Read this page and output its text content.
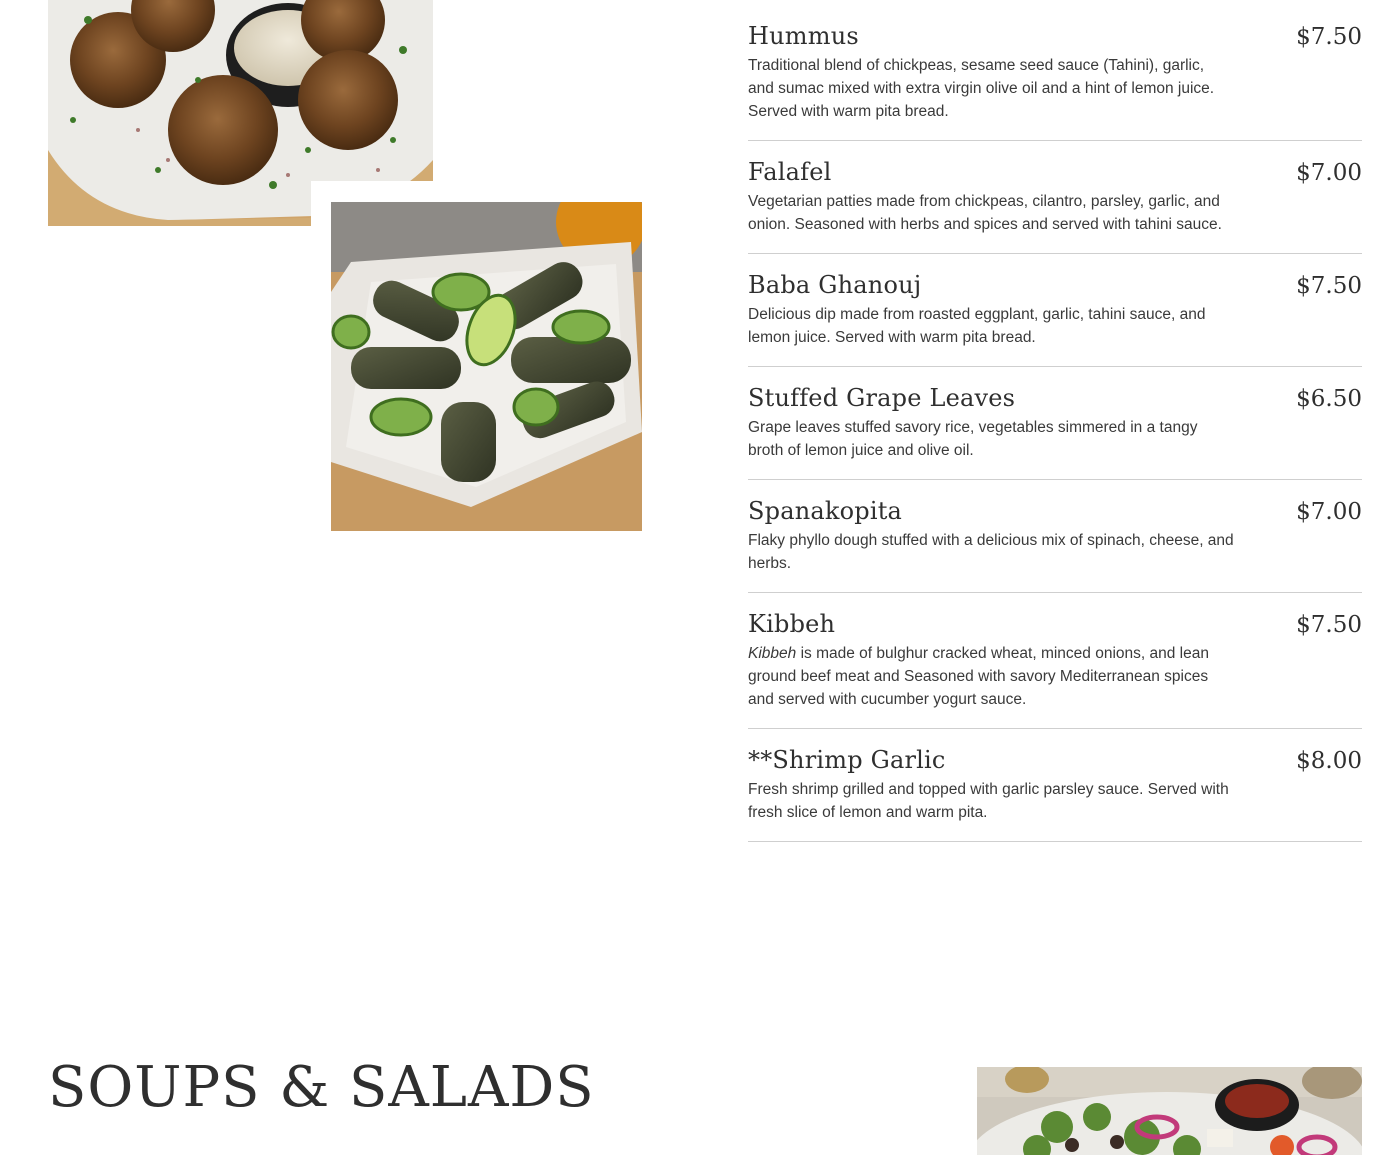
Hummus	$7.50
Traditional blend of chickpeas, sesame seed sauce (Tahini), garlic, and sumac mixed with extra virgin olive oil and a hint of lemon juice. Served with warm pita bread.
Falafel	$7.00
Vegetarian patties made from chickpeas, cilantro, parsley, garlic, and onion. Seasoned with herbs and spices and served with tahini sauce.
Baba Ghanouj	$7.50
Delicious dip made from roasted eggplant, garlic, tahini sauce, and lemon juice. Served with warm pita bread.
Stuffed Grape Leaves	$6.50
Grape leaves stuffed savory rice, vegetables simmered in a tangy broth of lemon juice and olive oil.
Spanakopita	$7.00
Flaky phyllo dough stuffed with a delicious mix of spinach, cheese, and herbs.
Kibbeh	$7.50
Kibbeh is made of bulghur cracked wheat, minced onions, and lean ground beef meat and Seasoned with savory Mediterranean spices and served with cucumber yogurt sauce.
**Shrimp Garlic	$8.00
Fresh shrimp grilled and topped with garlic parsley sauce. Served with fresh slice of lemon and warm pita.
SOUPS & SALADS
